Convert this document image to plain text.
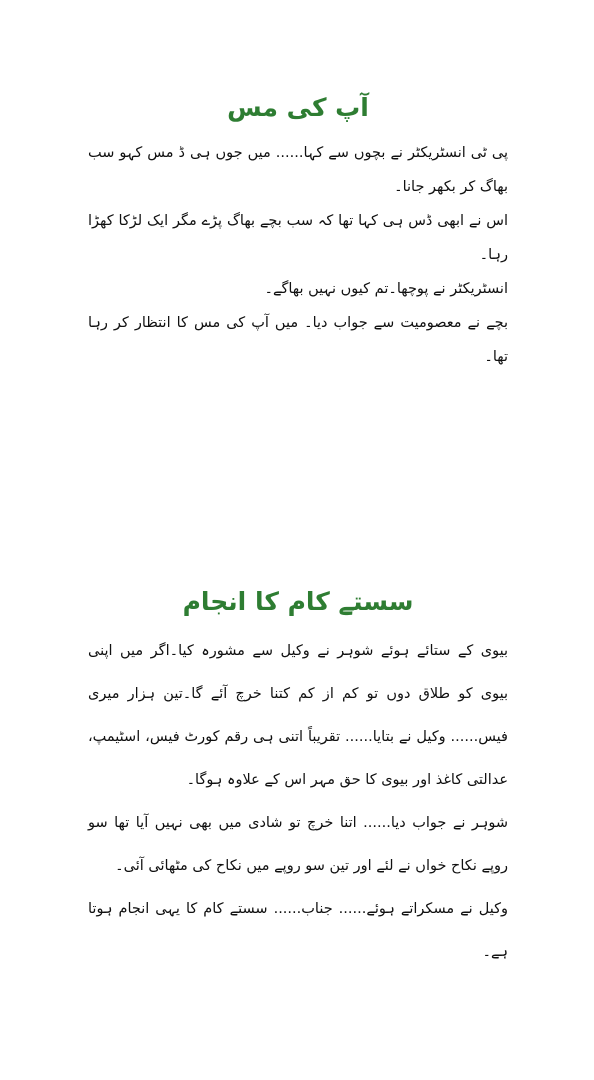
آپ کی مس

پی ٹی انسٹریکٹر نے بچوں سے کہا...... میں جوں ہی ڈ مس کہو سب بھاگ کر بکھر جانا۔

اس نے ابھی ڈس ہی کہا تھا کہ سب بچے بھاگ پڑے مگر ایک لڑکا کھڑا رہا۔

انسٹریکٹر نے پوچھا۔تم کیوں نہیں بھاگے۔

بچے نے معصومیت سے جواب دیا۔ میں آپ کی مس کا انتظار کر رہا تھا۔

سستے کام کا انجام

بیوی کے ستائے ہوئے شوہر نے وکیل سے مشورہ کیا۔اگر میں اپنی بیوی کو طلاق دوں تو کم از کم کتنا خرچ آئے گا۔تین ہزار میری فیس...... وکیل نے بتایا...... تقریباً اتنی ہی رقم کورٹ فیس، اسٹیمپ، عدالتی کاغذ اور بیوی کا حق مہر اس کے علاوہ ہوگا۔

شوہر نے جواب دیا...... اتنا خرچ تو شادی میں بھی نہیں آیا تھا سو روپے نکاح خواں نے لئے اور تین سو روپے میں نکاح کی مٹھائی آئی۔

وکیل نے مسکراتے ہوئے...... جناب...... سستے کام کا یہی انجام ہوتا ہے۔
